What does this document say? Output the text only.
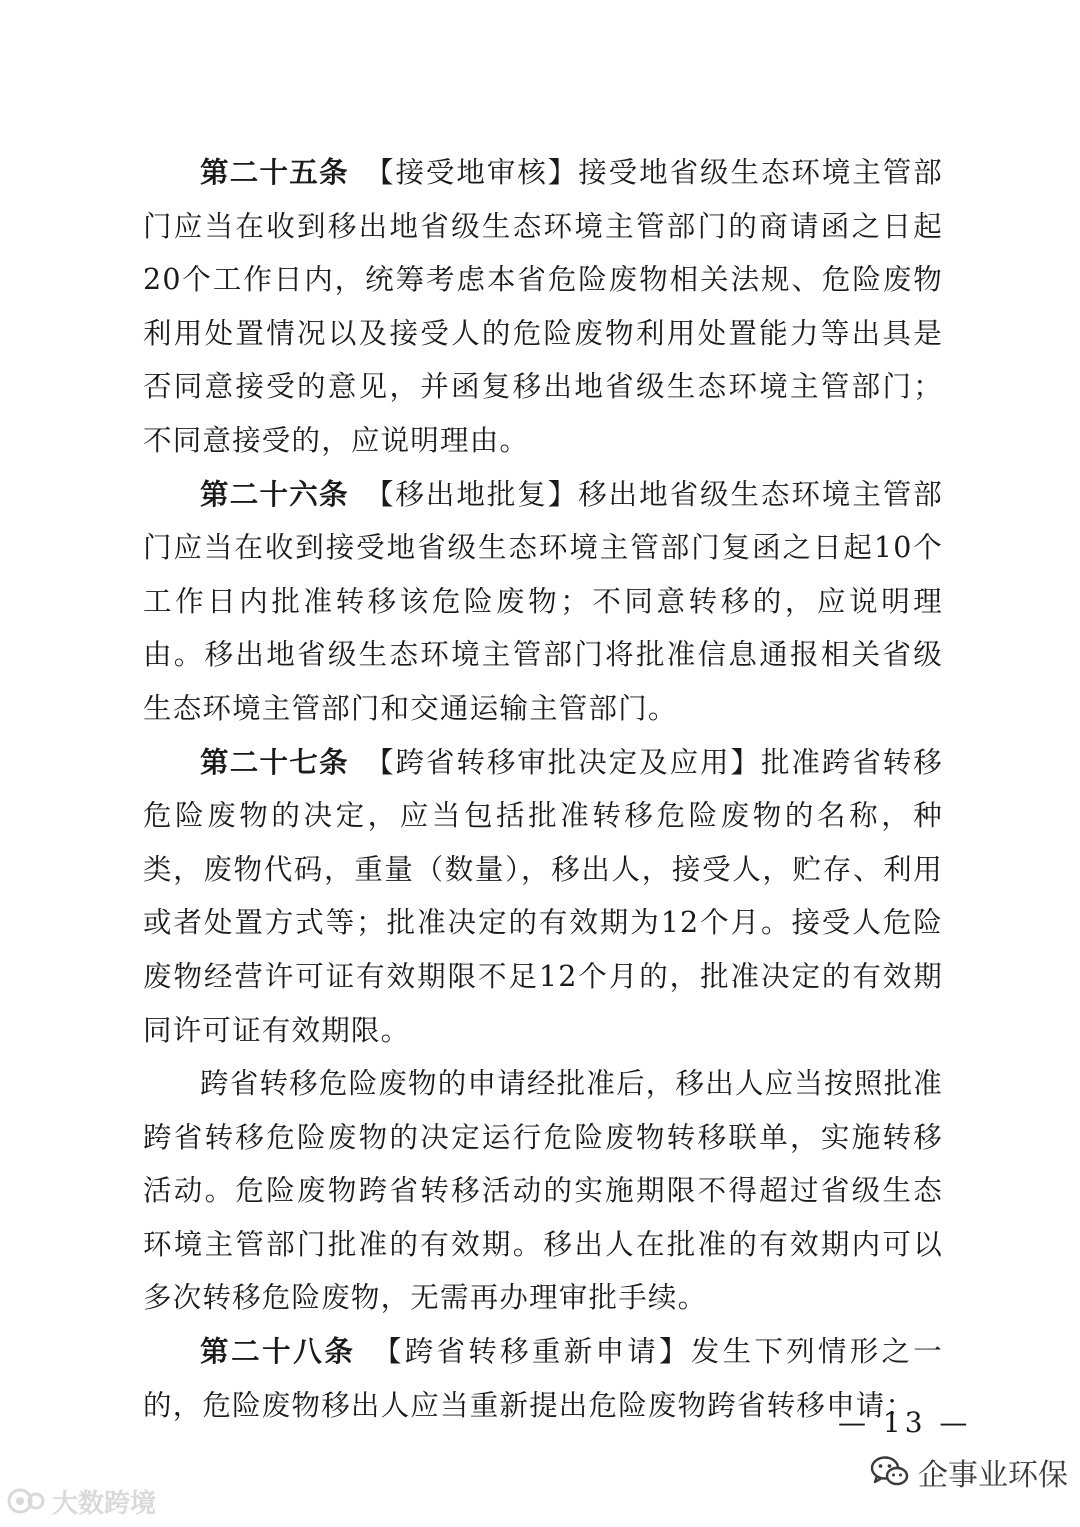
第二十五条　【接受地审核】接受地省级生态环境主管部门应当在收到移出地省级生态环境主管部门的商请函之日起20个工作日内，统筹考虑本省危险废物相关法规、危险废物利用处置情况以及接受人的危险废物利用处置能力等出具是否同意接受的意见，并函复移出地省级生态环境主管部门；不同意接受的，应说明理由。

第二十六条　【移出地批复】移出地省级生态环境主管部门应当在收到接受地省级生态环境主管部门复函之日起10个工作日内批准转移该危险废物；不同意转移的，应说明理由。移出地省级生态环境主管部门将批准信息通报相关省级生态环境主管部门和交通运输主管部门。

第二十七条　【跨省转移审批决定及应用】批准跨省转移危险废物的决定，应当包括批准转移危险废物的名称，种类，废物代码，重量（数量），移出人，接受人，贮存、利用或者处置方式等；批准决定的有效期为12个月。接受人危险废物经营许可证有效期限不足12个月的，批准决定的有效期同许可证有效期限。

跨省转移危险废物的申请经批准后，移出人应当按照批准跨省转移危险废物的决定运行危险废物转移联单，实施转移活动。危险废物跨省转移活动的实施期限不得超过省级生态环境主管部门批准的有效期。移出人在批准的有效期内可以多次转移危险废物，无需再办理审批手续。

第二十八条　【跨省转移重新申请】发生下列情形之一的，危险废物移出人应当重新提出危险废物跨省转移申请：

— 13 —
大数跨境
企事业环保
